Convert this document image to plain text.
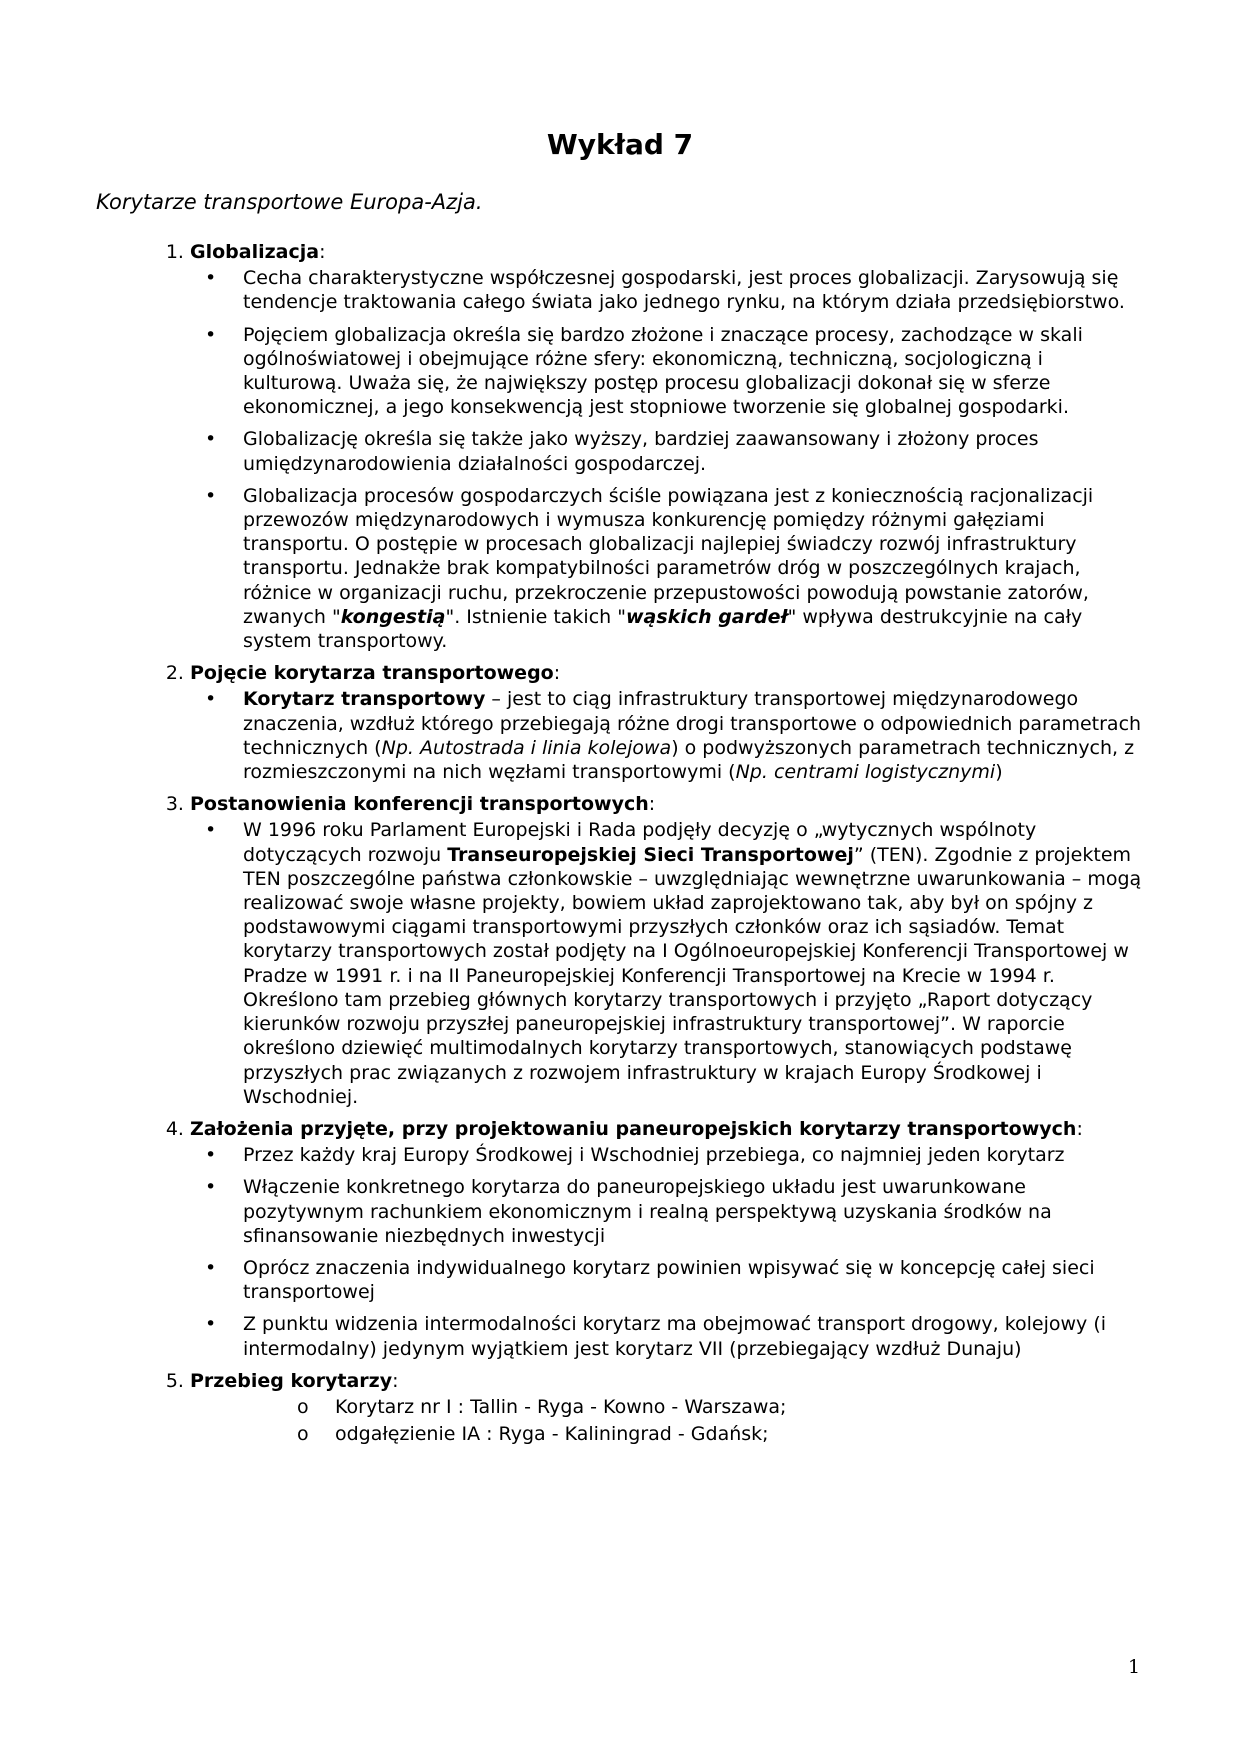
Wykład 7

Korytarze transportowe Europa-Azja.

1. Globalizacja:
• Cecha charakterystyczne współczesnej gospodarski, jest proces globalizacji. Zarysowują się tendencje traktowania całego świata jako jednego rynku, na którym działa przedsiębiorstwo.
• Pojęciem globalizacja określa się bardzo złożone i znaczące procesy, zachodzące w skali ogólnoświatowej i obejmujące różne sfery: ekonomiczną, techniczną, socjologiczną i kulturową. Uważa się, że największy postęp procesu globalizacji dokonał się w sferze ekonomicznej, a jego konsekwencją jest stopniowe tworzenie się globalnej gospodarki.
• Globalizację określa się także jako wyższy, bardziej zaawansowany i złożony proces umiędzynarodowienia działalności gospodarczej.
• Globalizacja procesów gospodarczych ściśle powiązana jest z koniecznością racjonalizacji przewozów międzynarodowych i wymusza konkurencję pomiędzy różnymi gałęziami transportu. O postępie w procesach globalizacji najlepiej świadczy rozwój infrastruktury transportu. Jednakże brak kompatybilności parametrów dróg w poszczególnych krajach, różnice w organizacji ruchu, przekroczenie przepustowości powodują powstanie zatorów, zwanych "kongestią". Istnienie takich "wąskich gardeł" wpływa destrukcyjnie na cały system transportowy.
2. Pojęcie korytarza transportowego:
• Korytarz transportowy – jest to ciąg infrastruktury transportowej międzynarodowego znaczenia, wzdłuż którego przebiegają różne drogi transportowe o odpowiednich parametrach technicznych (Np. Autostrada i linia kolejowa) o podwyższonych parametrach technicznych, z rozmieszczonymi na nich węzłami transportowymi (Np. centrami logistycznymi)
3. Postanowienia konferencji transportowych:
• W 1996 roku Parlament Europejski i Rada podjęły decyzję o „wytycznych wspólnoty dotyczących rozwoju Transeuropejskiej Sieci Transportowej” (TEN). Zgodnie z projektem TEN poszczególne państwa członkowskie – uwzględniając wewnętrzne uwarunkowania – mogą realizować swoje własne projekty, bowiem układ zaprojektowano tak, aby był on spójny z podstawowymi ciągami transportowymi przyszłych członków oraz ich sąsiadów. Temat korytarzy transportowych został podjęty na I Ogólnoeuropejskiej Konferencji Transportowej w Pradze w 1991 r. i na II Paneuropejskiej Konferencji Transportowej na Krecie w 1994 r. Określono tam przebieg głównych korytarzy transportowych i przyjęto „Raport dotyczący kierunków rozwoju przyszłej paneuropejskiej infrastruktury transportowej”. W raporcie określono dziewięć multimodalnych korytarzy transportowych, stanowiących podstawę przyszłych prac związanych z rozwojem infrastruktury w krajach Europy Środkowej i Wschodniej.
4. Założenia przyjęte, przy projektowaniu paneuropejskich korytarzy transportowych:
• Przez każdy kraj Europy Środkowej i Wschodniej przebiega, co najmniej jeden korytarz
• Włączenie konkretnego korytarza do paneuropejskiego układu jest uwarunkowane pozytywnym rachunkiem ekonomicznym i realną perspektywą uzyskania środków na sfinansowanie niezbędnych inwestycji
• Oprócz znaczenia indywidualnego korytarz powinien wpisywać się w koncepcję całej sieci transportowej
• Z punktu widzenia intermodalności korytarz ma obejmować transport drogowy, kolejowy (i intermodalny) jedynym wyjątkiem jest korytarz VII (przebiegający wzdłuż Dunaju)
5. Przebieg korytarzy:
o Korytarz nr I : Tallin - Ryga - Kowno - Warszawa;
o odgałęzienie IA : Ryga - Kaliningrad - Gdańsk;
1
